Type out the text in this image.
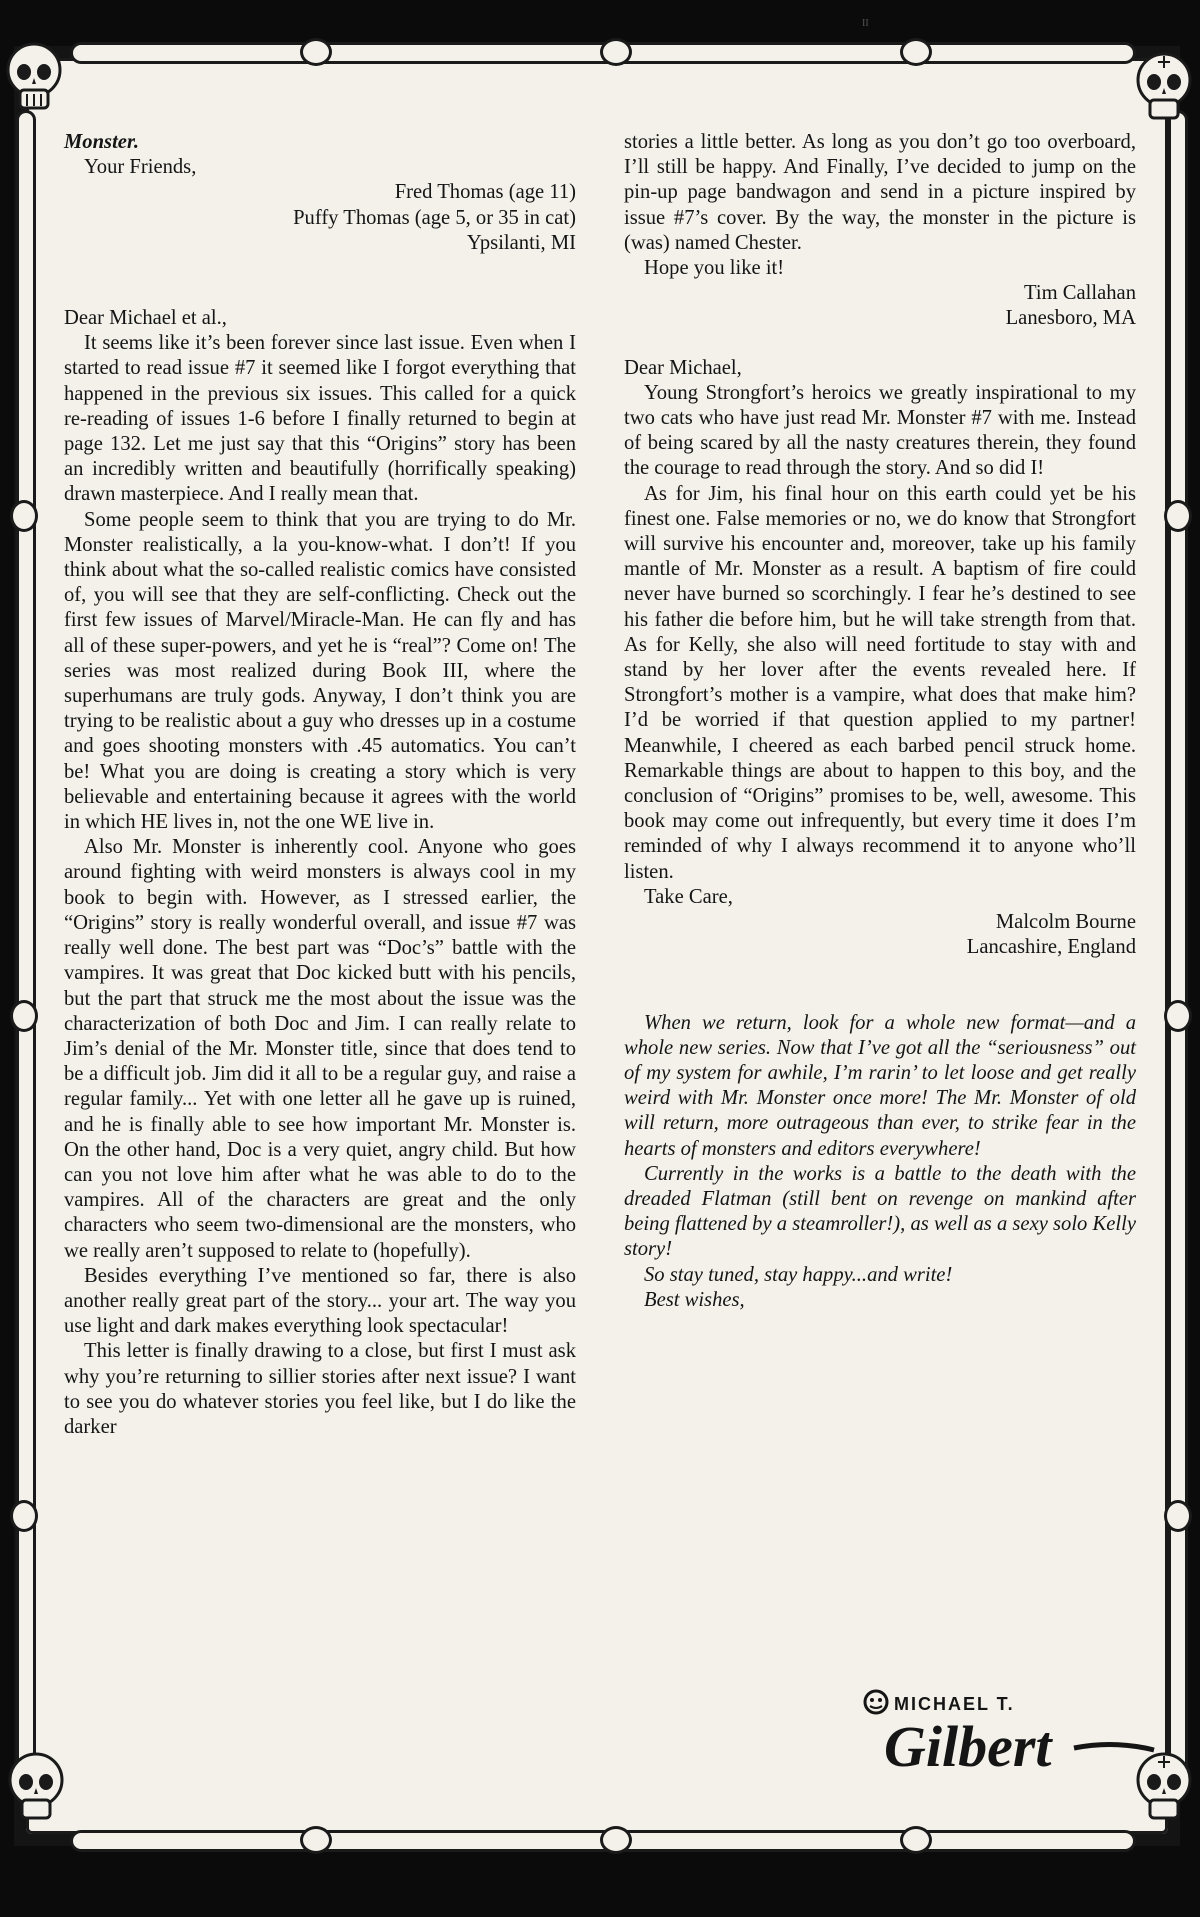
II

Monster.

Your Friends,

Fred Thomas (age 11)

Puffy Thomas (age 5, or 35 in cat)

Ypsilanti, MI

Dear Michael et al.,

It seems like it’s been forever since last issue. Even when I started to read issue #7 it seemed like I forgot everything that happened in the previous six issues. This called for a quick re-reading of issues 1-6 before I finally returned to begin at page 132. Let me just say that this “Origins” story has been an incredibly written and beautifully (horrifically speaking) drawn masterpiece. And I really mean that.

Some people seem to think that you are trying to do Mr. Monster realistically, a la you-know-what. I don’t! If you think about what the so-called realistic comics have consisted of, you will see that they are self-conflicting. Check out the first few issues of Marvel/Miracle-Man. He can fly and has all of these super-powers, and yet he is “real”? Come on! The series was most realized during Book III, where the superhumans are truly gods. Anyway, I don’t think you are trying to be realistic about a guy who dresses up in a costume and goes shooting monsters with .45 automatics. You can’t be! What you are doing is creating a story which is very believable and entertaining because it agrees with the world in which HE lives in, not the one WE live in.

Also Mr. Monster is inherently cool. Anyone who goes around fighting with weird monsters is always cool in my book to begin with. However, as I stressed earlier, the “Origins” story is really wonderful overall, and issue #7 was really well done. The best part was “Doc’s” battle with the vampires. It was great that Doc kicked butt with his pencils, but the part that struck me the most about the issue was the characterization of both Doc and Jim. I can really relate to Jim’s denial of the Mr. Monster title, since that does tend to be a difficult job. Jim did it all to be a regular guy, and raise a regular family... Yet with one letter all he gave up is ruined, and he is finally able to see how important Mr. Monster is. On the other hand, Doc is a very quiet, angry child. But how can you not love him after what he was able to do to the vampires. All of the characters are great and the only characters who seem two-dimensional are the monsters, who we really aren’t supposed to relate to (hopefully).

Besides everything I’ve mentioned so far, there is also another really great part of the story... your art. The way you use light and dark makes everything look spectacular!

This letter is finally drawing to a close, but first I must ask why you’re returning to sillier stories after next issue? I want to see you do whatever stories you feel like, but I do like the darker

stories a little better. As long as you don’t go too overboard, I’ll still be happy. And Finally, I’ve decided to jump on the pin-up page bandwagon and send in a picture inspired by issue #7’s cover. By the way, the monster in the picture is (was) named Chester.

Hope you like it!

Tim Callahan

Lanesboro, MA

Dear Michael,

Young Strongfort’s heroics we greatly inspirational to my two cats who have just read Mr. Monster #7 with me. Instead of being scared by all the nasty creatures therein, they found the courage to read through the story. And so did I!

As for Jim, his final hour on this earth could yet be his finest one. False memories or no, we do know that Strongfort will survive his encounter and, moreover, take up his family mantle of Mr. Monster as a result. A baptism of fire could never have burned so scorchingly. I fear he’s destined to see his father die before him, but he will take strength from that. As for Kelly, she also will need fortitude to stay with and stand by her lover after the events revealed here. If Strongfort’s mother is a vampire, what does that make him? I’d be worried if that question applied to my partner! Meanwhile, I cheered as each barbed pencil struck home. Remarkable things are about to happen to this boy, and the conclusion of “Origins” promises to be, well, awesome. This book may come out infrequently, but every time it does I’m reminded of why I always recommend it to anyone who’ll listen.

Take Care,

Malcolm Bourne

Lancashire, England

When we return, look for a whole new format—and a whole new series. Now that I’ve got all the “seriousness” out of my system for awhile, I’m rarin’ to let loose and get really weird with Mr. Monster once more! The Mr. Monster of old will return, more outrageous than ever, to strike fear in the hearts of monsters and editors everywhere!

Currently in the works is a battle to the death with the dreaded Flatman (still bent on revenge on mankind after being flattened by a steamroller!), as well as a sexy solo Kelly story!

So stay tuned, stay happy...and write!

Best wishes,

MICHAEL T.
Gilbert
